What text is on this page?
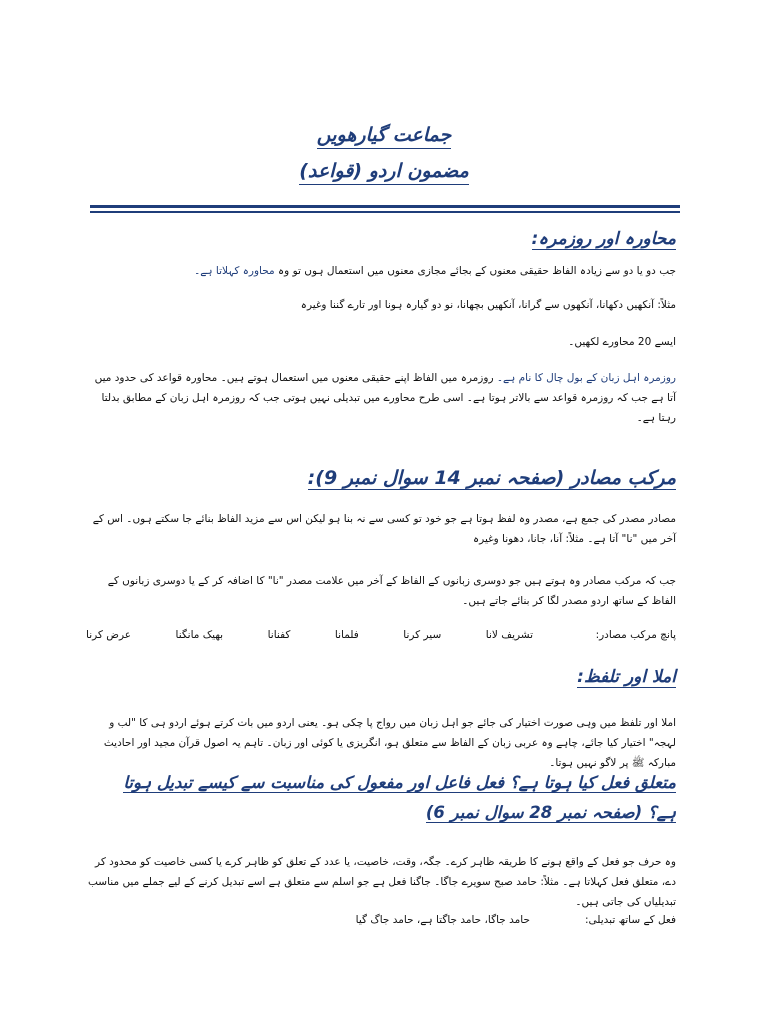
جماعت گیارھویں
مضمون اردو (قواعد)
محاورہ اور روزمرہ:
جب دو یا دو سے زیادہ الفاظ حقیقی معنوں کے بجائے مجازی معنوں میں استعمال ہوں تو وہ محاورہ کہلاتا ہے۔
مثلاً: آنکھیں دکھانا، آنکھوں سے گرانا، آنکھیں بچھانا، نو دو گیارہ ہونا اور تارے گننا وغیرہ
ایسے 20 محاورے لکھیں۔
روزمرہ اہل زبان کے بول چال کا نام ہے۔ روزمرہ میں الفاظ اپنے حقیقی معنوں میں استعمال ہوتے ہیں۔ محاورہ قواعد کی حدود میں آتا ہے جب کہ روزمرہ قواعد سے بالاتر ہوتا ہے۔ اسی طرح محاورے میں تبدیلی نہیں ہوتی جب کہ روزمرہ اہل زبان کے مطابق بدلتا رہتا ہے۔
مرکب مصادر (صفحہ نمبر 14 سوال نمبر 9):
مصادر مصدر کی جمع ہے، مصدر وہ لفظ ہوتا ہے جو خود تو کسی سے نہ بنا ہو لیکن اس سے مزید الفاظ بنائے جا سکتے ہوں۔ اس کے آخر میں "نا" آتا ہے۔ مثلاً: آنا، جانا، دھونا وغیرہ
جب کہ مرکب مصادر وہ ہوتے ہیں جو دوسری زبانوں کے الفاظ کے آخر میں علامت مصدر "نا" کا اضافہ کر کے یا دوسری زبانوں کے الفاظ کے ساتھ اردو مصدر لگا کر بنائے جاتے ہیں۔
پانچ مرکب مصادر:
تشریف لانا
سیر کرنا
فلمانا
کفنانا
بھیک مانگنا
عرض کرنا
املا اور تلفظ:
املا اور تلفظ میں وہی صورت اختیار کی جائے جو اہل زبان میں رواج پا چکی ہو۔ یعنی اردو میں بات کرتے ہوئے اردو ہی کا "لب و لہجہ" اختیار کیا جائے، چاہے وہ عربی زبان کے الفاظ سے متعلق ہو، انگریزی یا کوئی اور زبان۔ تاہم یہ اصول قرآن مجید اور احادیث مبارکہ ﷺ پر لاگو نہیں ہوتا۔
متعلق فعل کیا ہوتا ہے؟ فعل فاعل اور مفعول کی مناسبت سے کیسے تبدیل ہوتا ہے؟ (صفحہ نمبر 28 سوال نمبر 6)
وہ حرف جو فعل کے واقع ہونے کا طریقہ ظاہر کرے۔ جگہ، وقت، خاصیت، یا عدد کے تعلق کو ظاہر کرے یا کسی خاصیت کو محدود کر دے، متعلق فعل کہلاتا ہے۔ مثلاً: حامد صبح سویرے جاگا۔ جاگنا فعل ہے جو اسلم سے متعلق ہے اسے تبدیل کرنے کے لیے جملے میں مناسب تبدیلیاں کی جاتی ہیں۔
فعل کے ساتھ تبدیلی:
حامد جاگا، حامد جاگتا ہے، حامد جاگ گیا
